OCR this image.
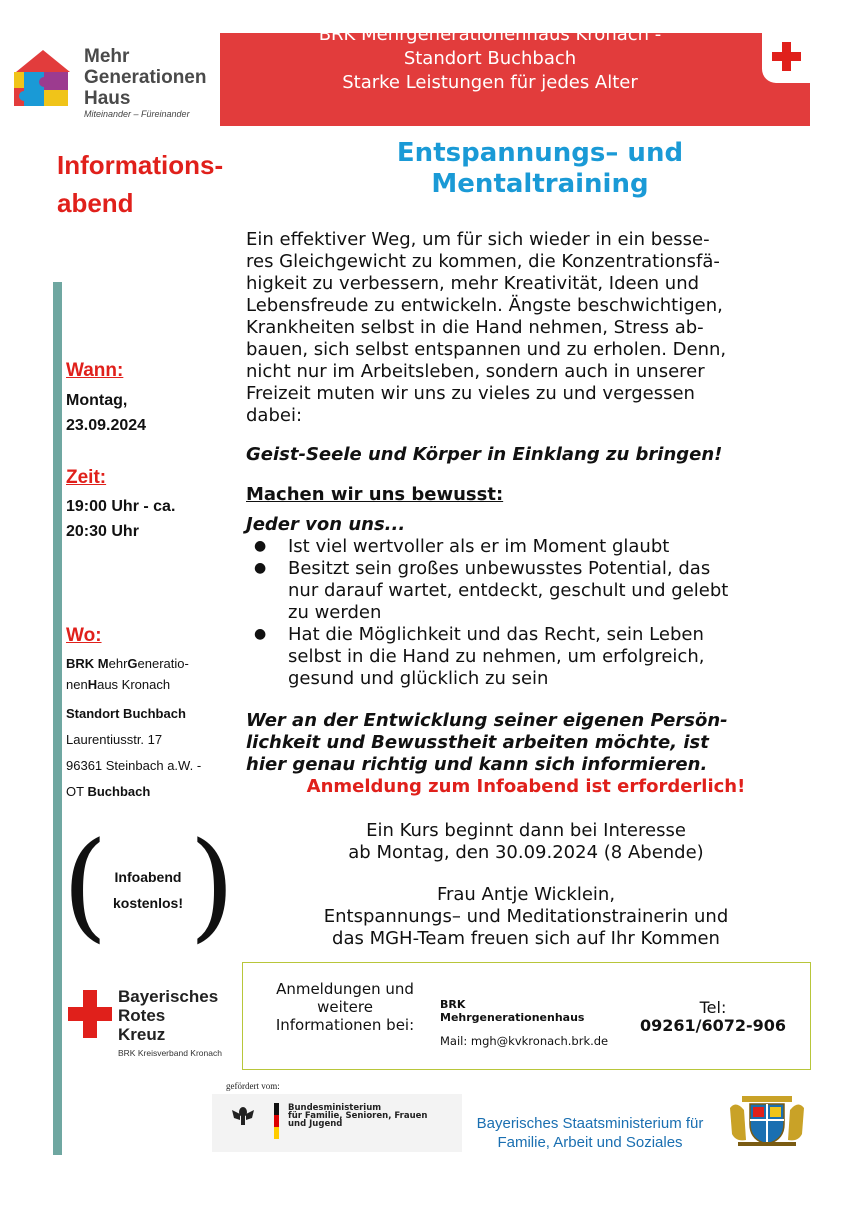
Mehr
Generationen
Haus
Miteinander – Füreinander
BRK Mehrgenerationenhaus Kronach -
Standort Buchbach
Starke Leistungen für jedes Alter
Informations-
abend
Wann:
Montag,
23.09.2024
Zeit:
19:00 Uhr - ca.
20:30 Uhr
Wo:
BRK MehrGeneratio-
nenHaus Kronach
Standort Buchbach
Laurentiusstr. 17
96361 Steinbach a.W. -
OT Buchbach
( )
Infoabend
kostenlos!
Bayerisches
Rotes
Kreuz
BRK Kreisverband Kronach
Entspannungs– und
Mentaltraining
Ein effektiver Weg, um für sich wieder in ein besse-
res Gleichgewicht zu kommen, die Konzentrationsfä-
higkeit zu verbessern, mehr Kreativität, Ideen und
Lebensfreude zu entwickeln. Ängste beschwichtigen,
Krankheiten selbst in die Hand nehmen, Stress ab-
bauen, sich selbst entspannen und zu erholen. Denn,
nicht nur im Arbeitsleben, sondern auch in unserer
Freizeit muten wir uns zu vieles zu und vergessen
dabei:
Geist-Seele und Körper in Einklang zu bringen!
Machen wir uns bewusst:
Jeder von uns...
● Ist viel wertvoller als er im Moment glaubt
● Besitzt sein großes unbewusstes Potential, das
nur darauf wartet, entdeckt, geschult und gelebt
zu werden
● Hat die Möglichkeit und das Recht, sein Leben
selbst in die Hand zu nehmen, um erfolgreich,
gesund und glücklich zu sein
Wer an der Entwicklung seiner eigenen Persön-
lichkeit und Bewusstheit arbeiten möchte, ist
hier genau richtig und kann sich informieren.
Anmeldung zum Infoabend ist erforderlich!
Ein Kurs beginnt dann bei Interesse
ab Montag, den 30.09.2024 (8 Abende)
Frau Antje Wicklein,
Entspannungs– und Meditationstrainerin und
das MGH-Team freuen sich auf Ihr Kommen
Anmeldungen und
weitere
Informationen bei:
BRK
Mehrgenerationenhaus
Mail: mgh@kvkronach.brk.de
Tel:
09261/6072-906
gefördert vom:
Bundesministerium
für Familie, Senioren, Frauen
und Jugend	Bayerisches Staatsministerium für
Familie, Arbeit und Soziales
